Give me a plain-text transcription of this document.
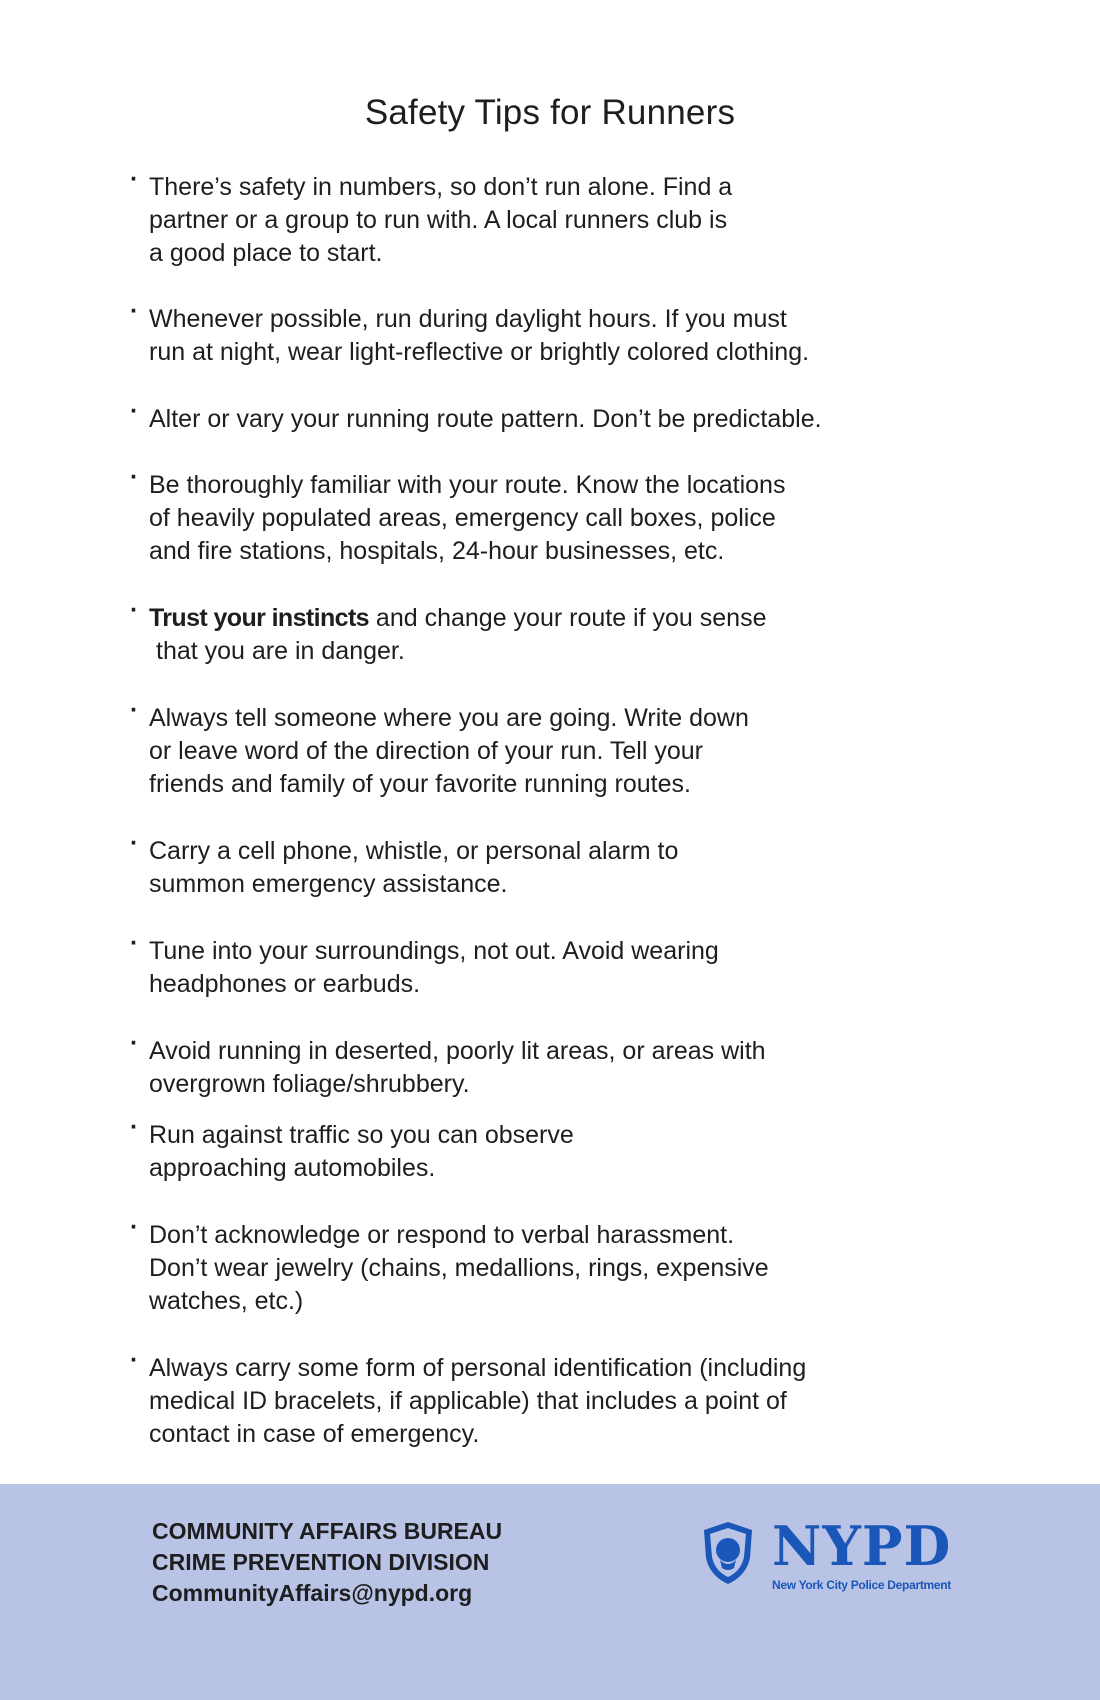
Safety Tips for Runners
· There’s safety in numbers, so don’t run alone. Find a
partner or a group to run with. A local runners club is
a good place to start.
· Whenever possible, run during daylight hours. If you must
run at night, wear light-reflective or brightly colored clothing.
· Alter or vary your running route pattern. Don’t be predictable.
· Be thoroughly familiar with your route. Know the locations
of heavily populated areas, emergency call boxes, police
and fire stations, hospitals, 24-hour businesses, etc.
· Trust your instincts and change your route if you sense
that you are in danger.
· Always tell someone where you are going. Write down
or leave word of the direction of your run. Tell your
friends and family of your favorite running routes.
· Carry a cell phone, whistle, or personal alarm to
summon emergency assistance.
· Tune into your surroundings, not out. Avoid wearing
headphones or earbuds.
· Avoid running in deserted, poorly lit areas, or areas with
overgrown foliage/shrubbery.
· Run against traffic so you can observe
approaching automobiles.
· Don’t acknowledge or respond to verbal harassment.
Don’t wear jewelry (chains, medallions, rings, expensive
watches, etc.)
· Always carry some form of personal identification (including
medical ID bracelets, if applicable) that includes a point of
contact in case of emergency.
COMMUNITY AFFAIRS BUREAU
CRIME PREVENTION DIVISION
CommunityAffairs@nypd.org
NYPD
New York City Police Department
